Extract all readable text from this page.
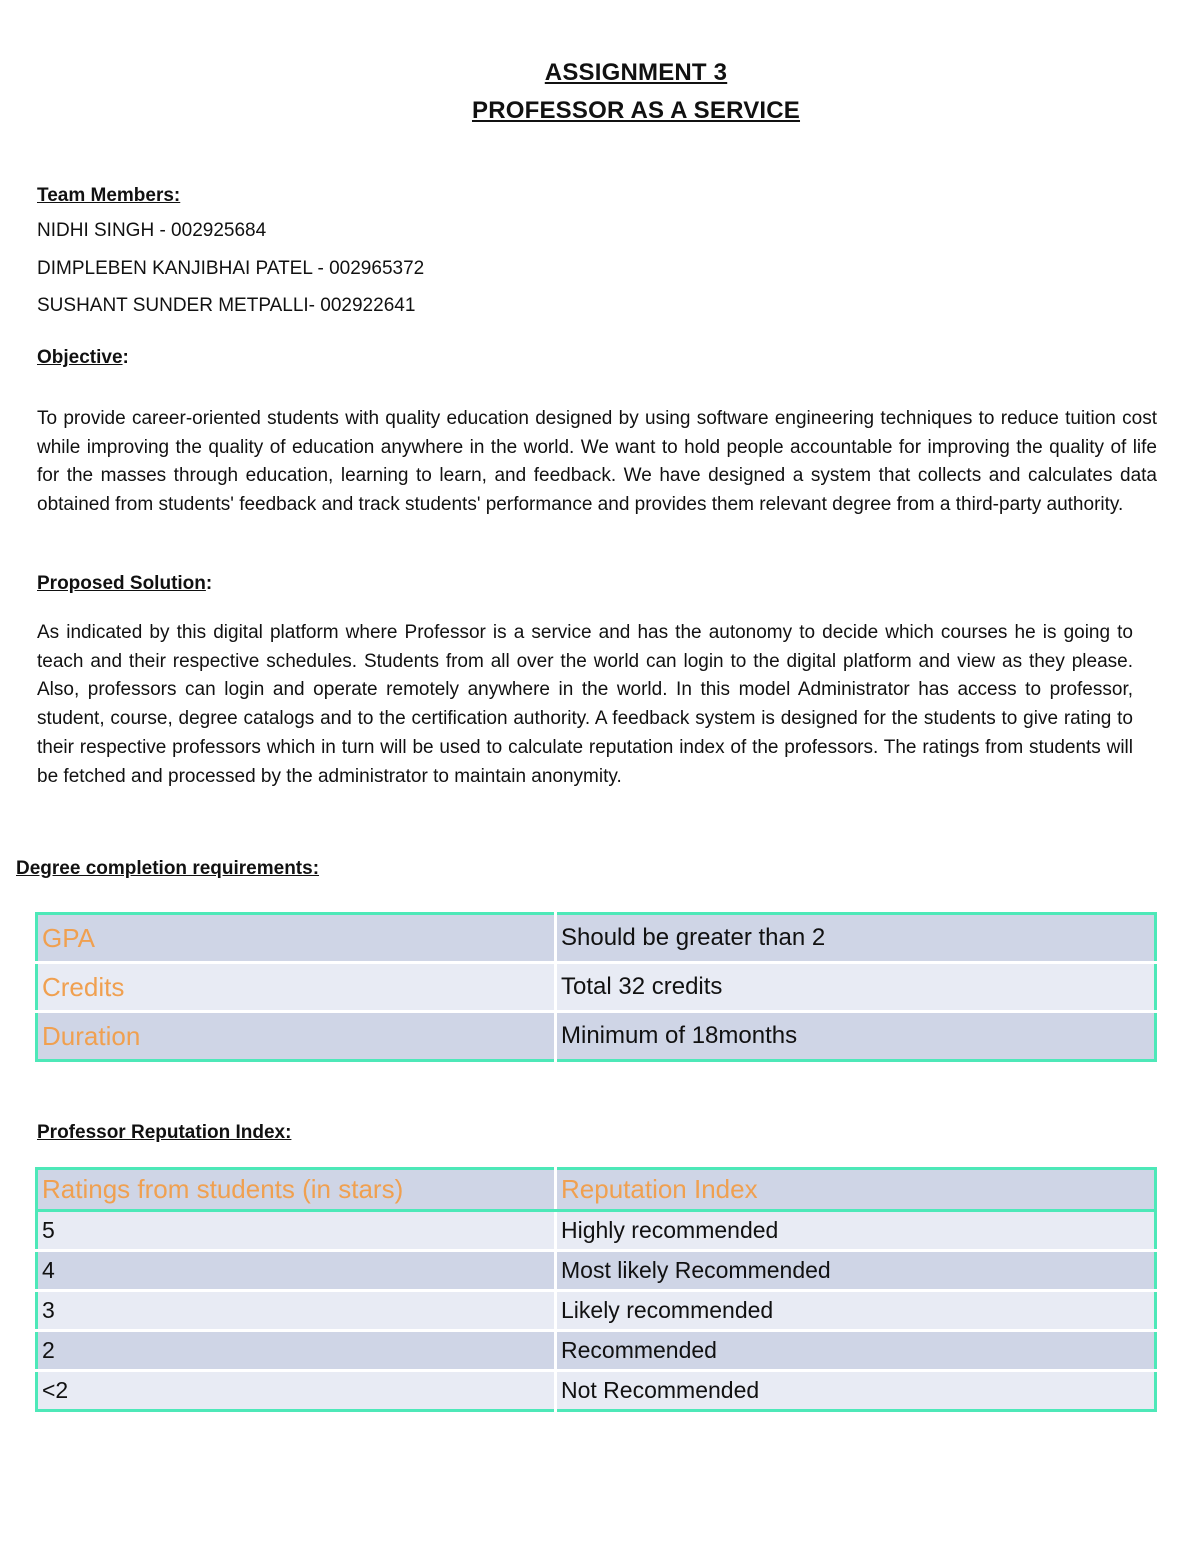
ASSIGNMENT 3
PROFESSOR AS A SERVICE
Team Members:
NIDHI SINGH - 002925684
DIMPLEBEN KANJIBHAI PATEL - 002965372
SUSHANT SUNDER METPALLI- 002922641
Objective:
To provide career-oriented students with quality education designed by using software engineering techniques to reduce tuition cost while improving the quality of education anywhere in the world. We want to hold people accountable for improving the quality of life for the masses through education, learning to learn, and feedback. We have designed a system that collects and calculates data obtained from students' feedback and track students' performance and provides them relevant degree from a third-party authority.
Proposed Solution:
As indicated by this digital platform where Professor is a service and has the autonomy to decide which courses he is going to teach and their respective schedules. Students from all over the world can login to the digital platform and view as they please. Also, professors can login and operate remotely anywhere in the world. In this model Administrator has access to professor, student, course, degree catalogs and to the certification authority. A feedback system is designed for the students to give rating to their respective professors which in turn will be used to calculate reputation index of the professors. The ratings from students will be fetched and processed by the administrator to maintain anonymity.
Degree completion requirements:
GPA	Should be greater than 2
Credits	Total 32 credits
Duration	Minimum of 18months
Professor Reputation Index:
Ratings from students (in stars)	Reputation Index
5	Highly recommended
4	Most likely Recommended
3	Likely recommended
2	Recommended
<2	Not Recommended
